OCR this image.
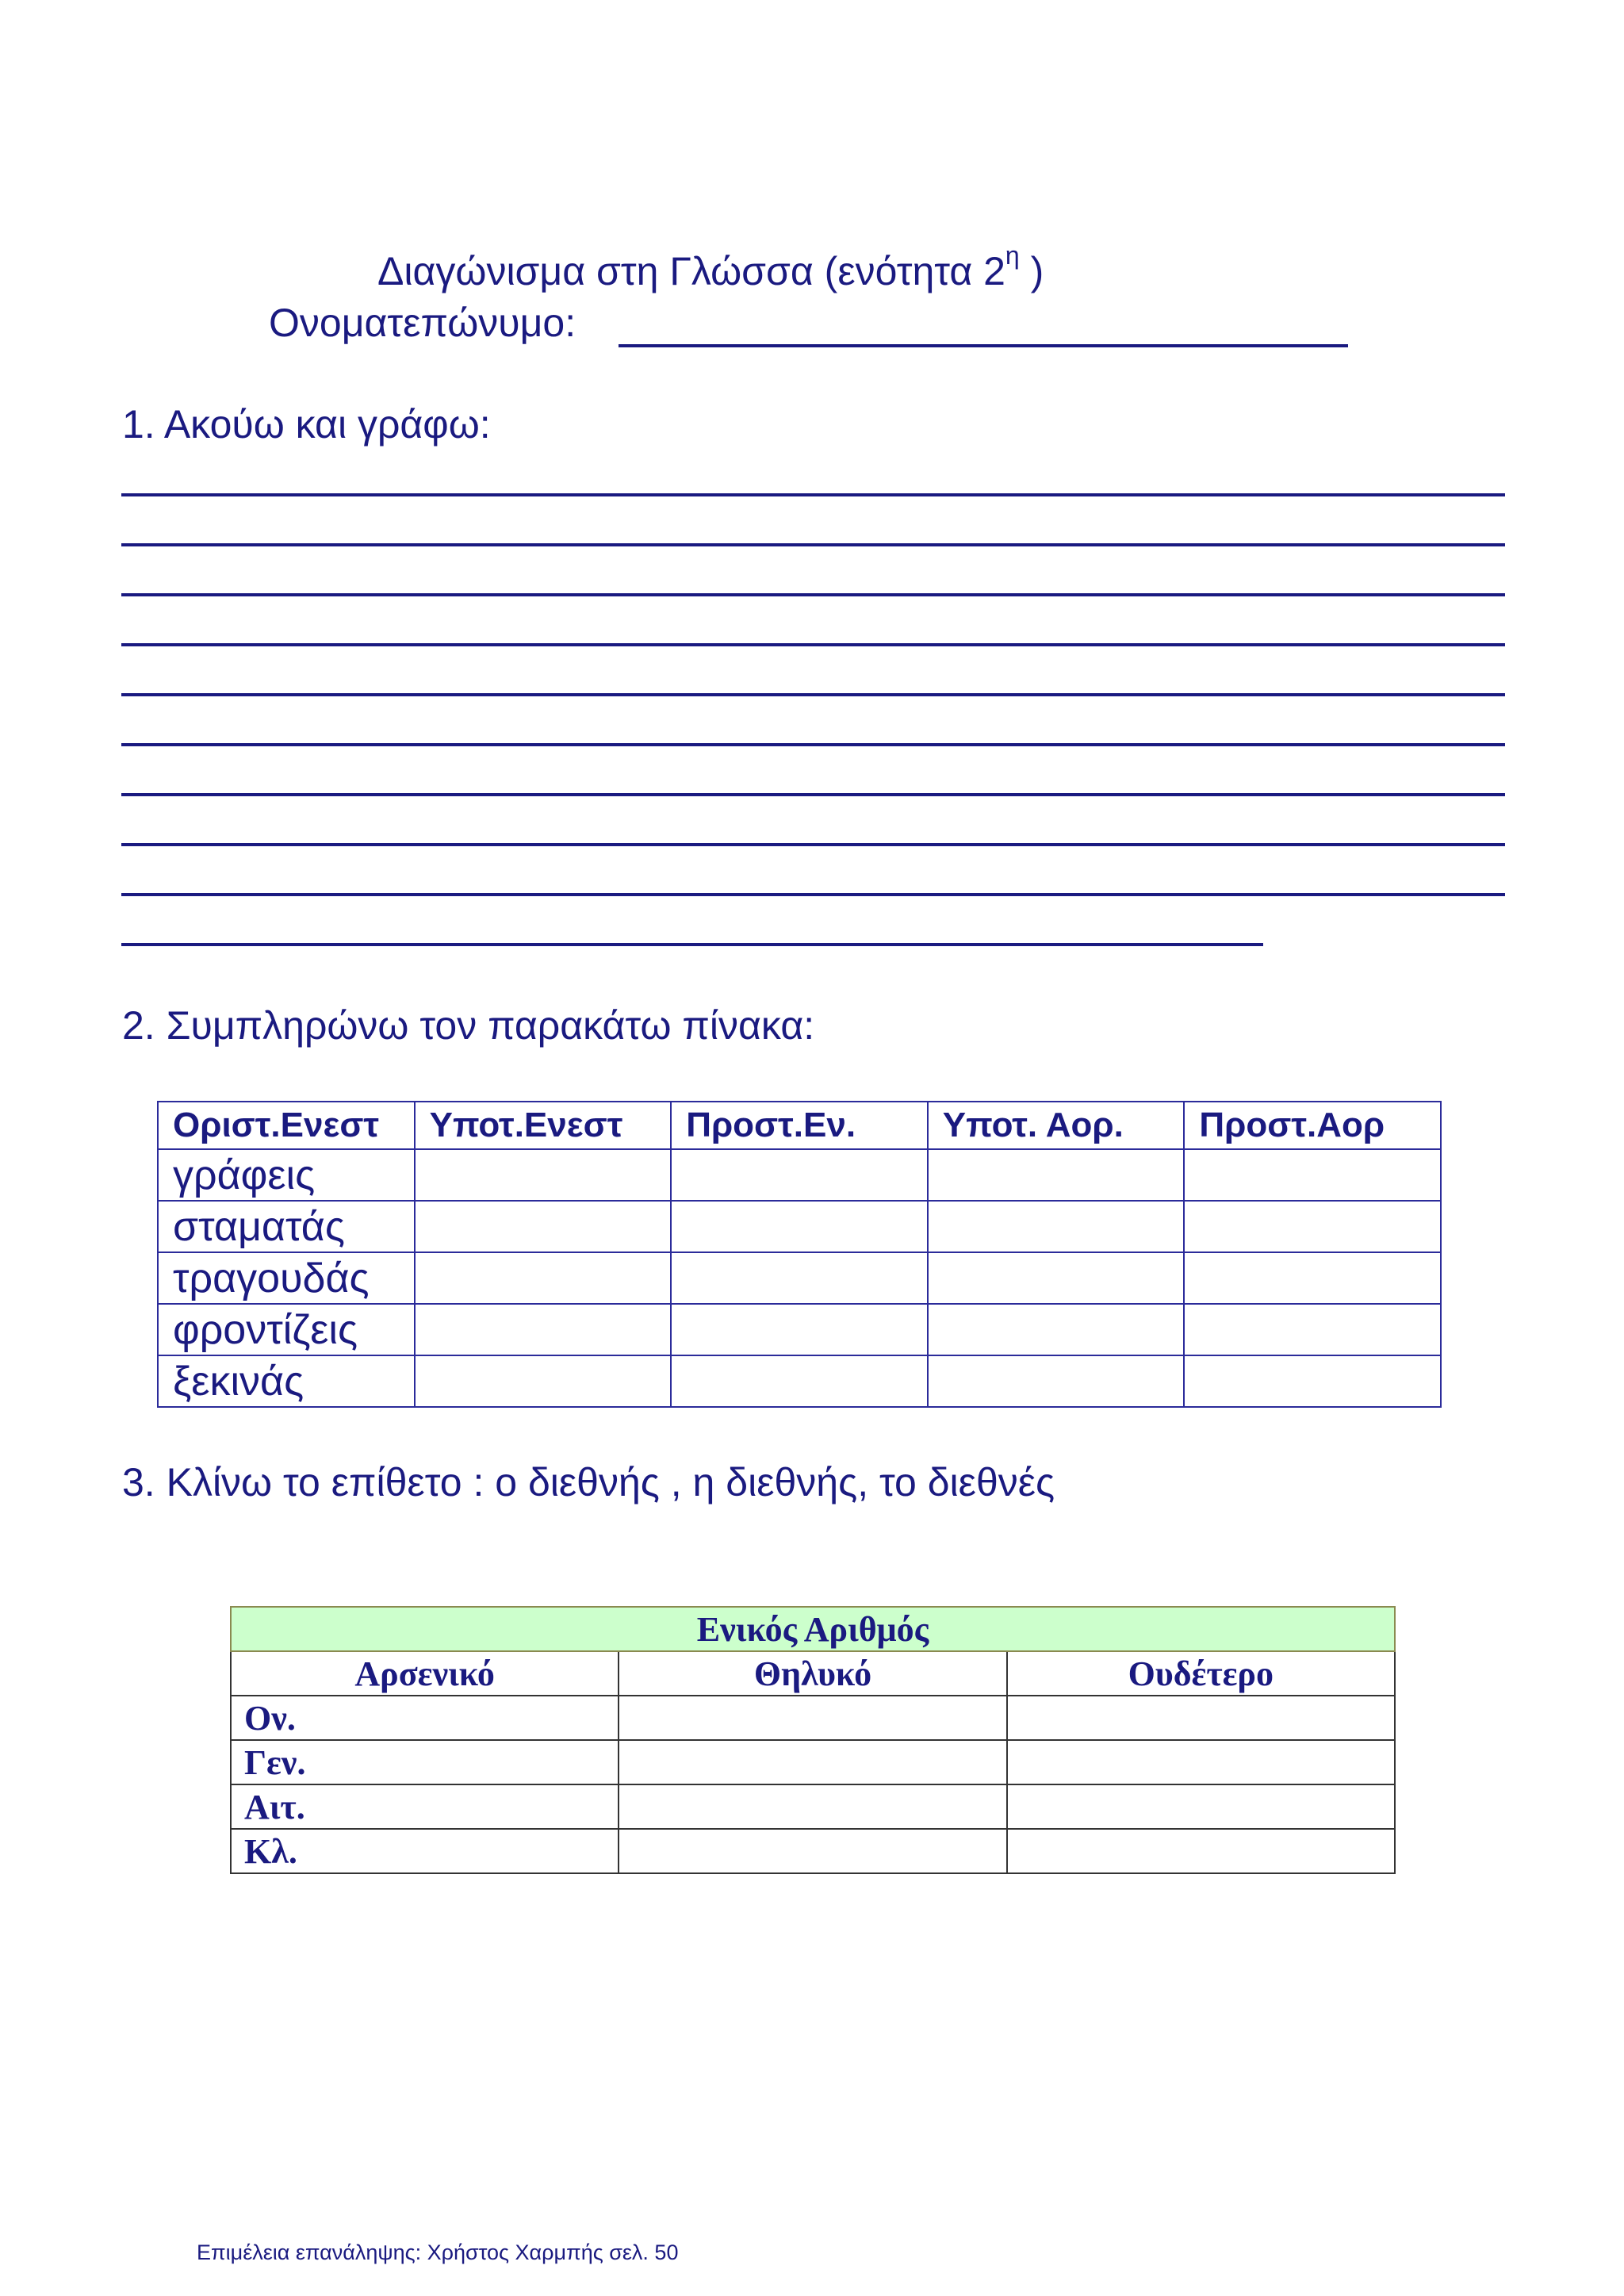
Διαγώνισμα στη Γλώσσα (ενότητα $2^\eta$ )
Ονοματεπώνυμο:
1. Ακούω και γράφω:
2. Συμπληρώνω τον παρακάτω πίνακα:
Οριστ.Ενεστ	Υποτ.Ενεστ	Προστ.Εν.	Υποτ. Αορ.	Προστ.Αορ
γράφεις				
σταματάς				
τραγουδάς				
φροντίζεις				
ξεκινάς				
3. Κλίνω το επίθετο : ο διεθνής , η διεθνής, το διεθνές
Ενικός Αριθμός		
Αρσενικό	Θηλυκό	Ουδέτερο
Ον.		
Γεν.		
Αιτ.		
Κλ.		
Επιμέλεια επανάληψης: Χρήστος Χαρμπής σελ. 50
